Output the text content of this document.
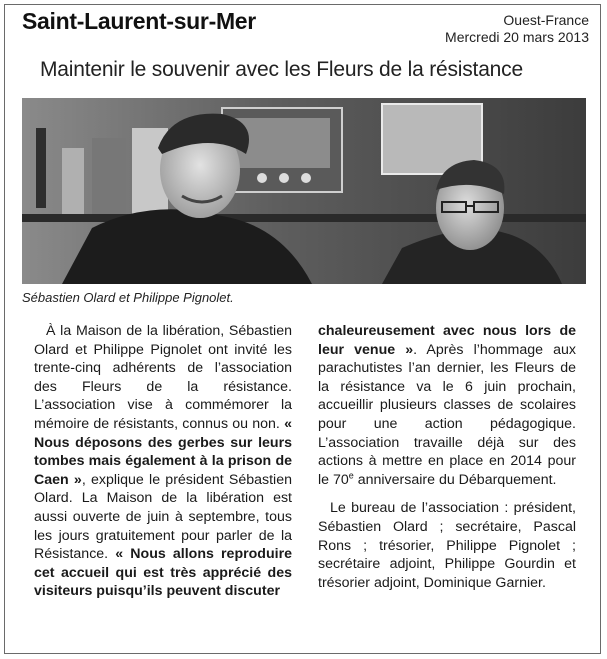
Saint-Laurent-sur-Mer	Ouest-France
Mercredi 20 mars 2013
Maintenir le souvenir avec les Fleurs de la résistance
Sébastien Olard et Philippe Pignolet.

À la Maison de la libération, Sébastien Olard et Philippe Pignolet ont invité les trente-cinq adhérents de l’association des Fleurs de la résistance. L’association vise à commémorer la mémoire de résistants, connus ou non. « Nous déposons des gerbes sur leurs tombes mais également à la prison de Caen », explique le président Sébastien Olard. La Maison de la libération est aussi ouverte de juin à septembre, tous les jours gratuitement pour parler de la Résistance. « Nous allons reproduire cet accueil qui est très apprécié des visiteurs puisqu’ils peuvent discuter

chaleureusement avec nous lors de leur venue ». Après l’hommage aux parachutistes l’an dernier, les Fleurs de la résistance va le 6 juin prochain, accueillir plusieurs classes de scolaires pour une action pédagogique. L’association travaille déjà sur des actions à mettre en place en 2014 pour le 70e anniversaire du Débarquement.

Le bureau de l’association : président, Sébastien Olard ; secrétaire, Pascal Rons ; trésorier, Philippe Pignolet ; secrétaire adjoint, Philippe Gourdin et trésorier adjoint, Dominique Garnier.
